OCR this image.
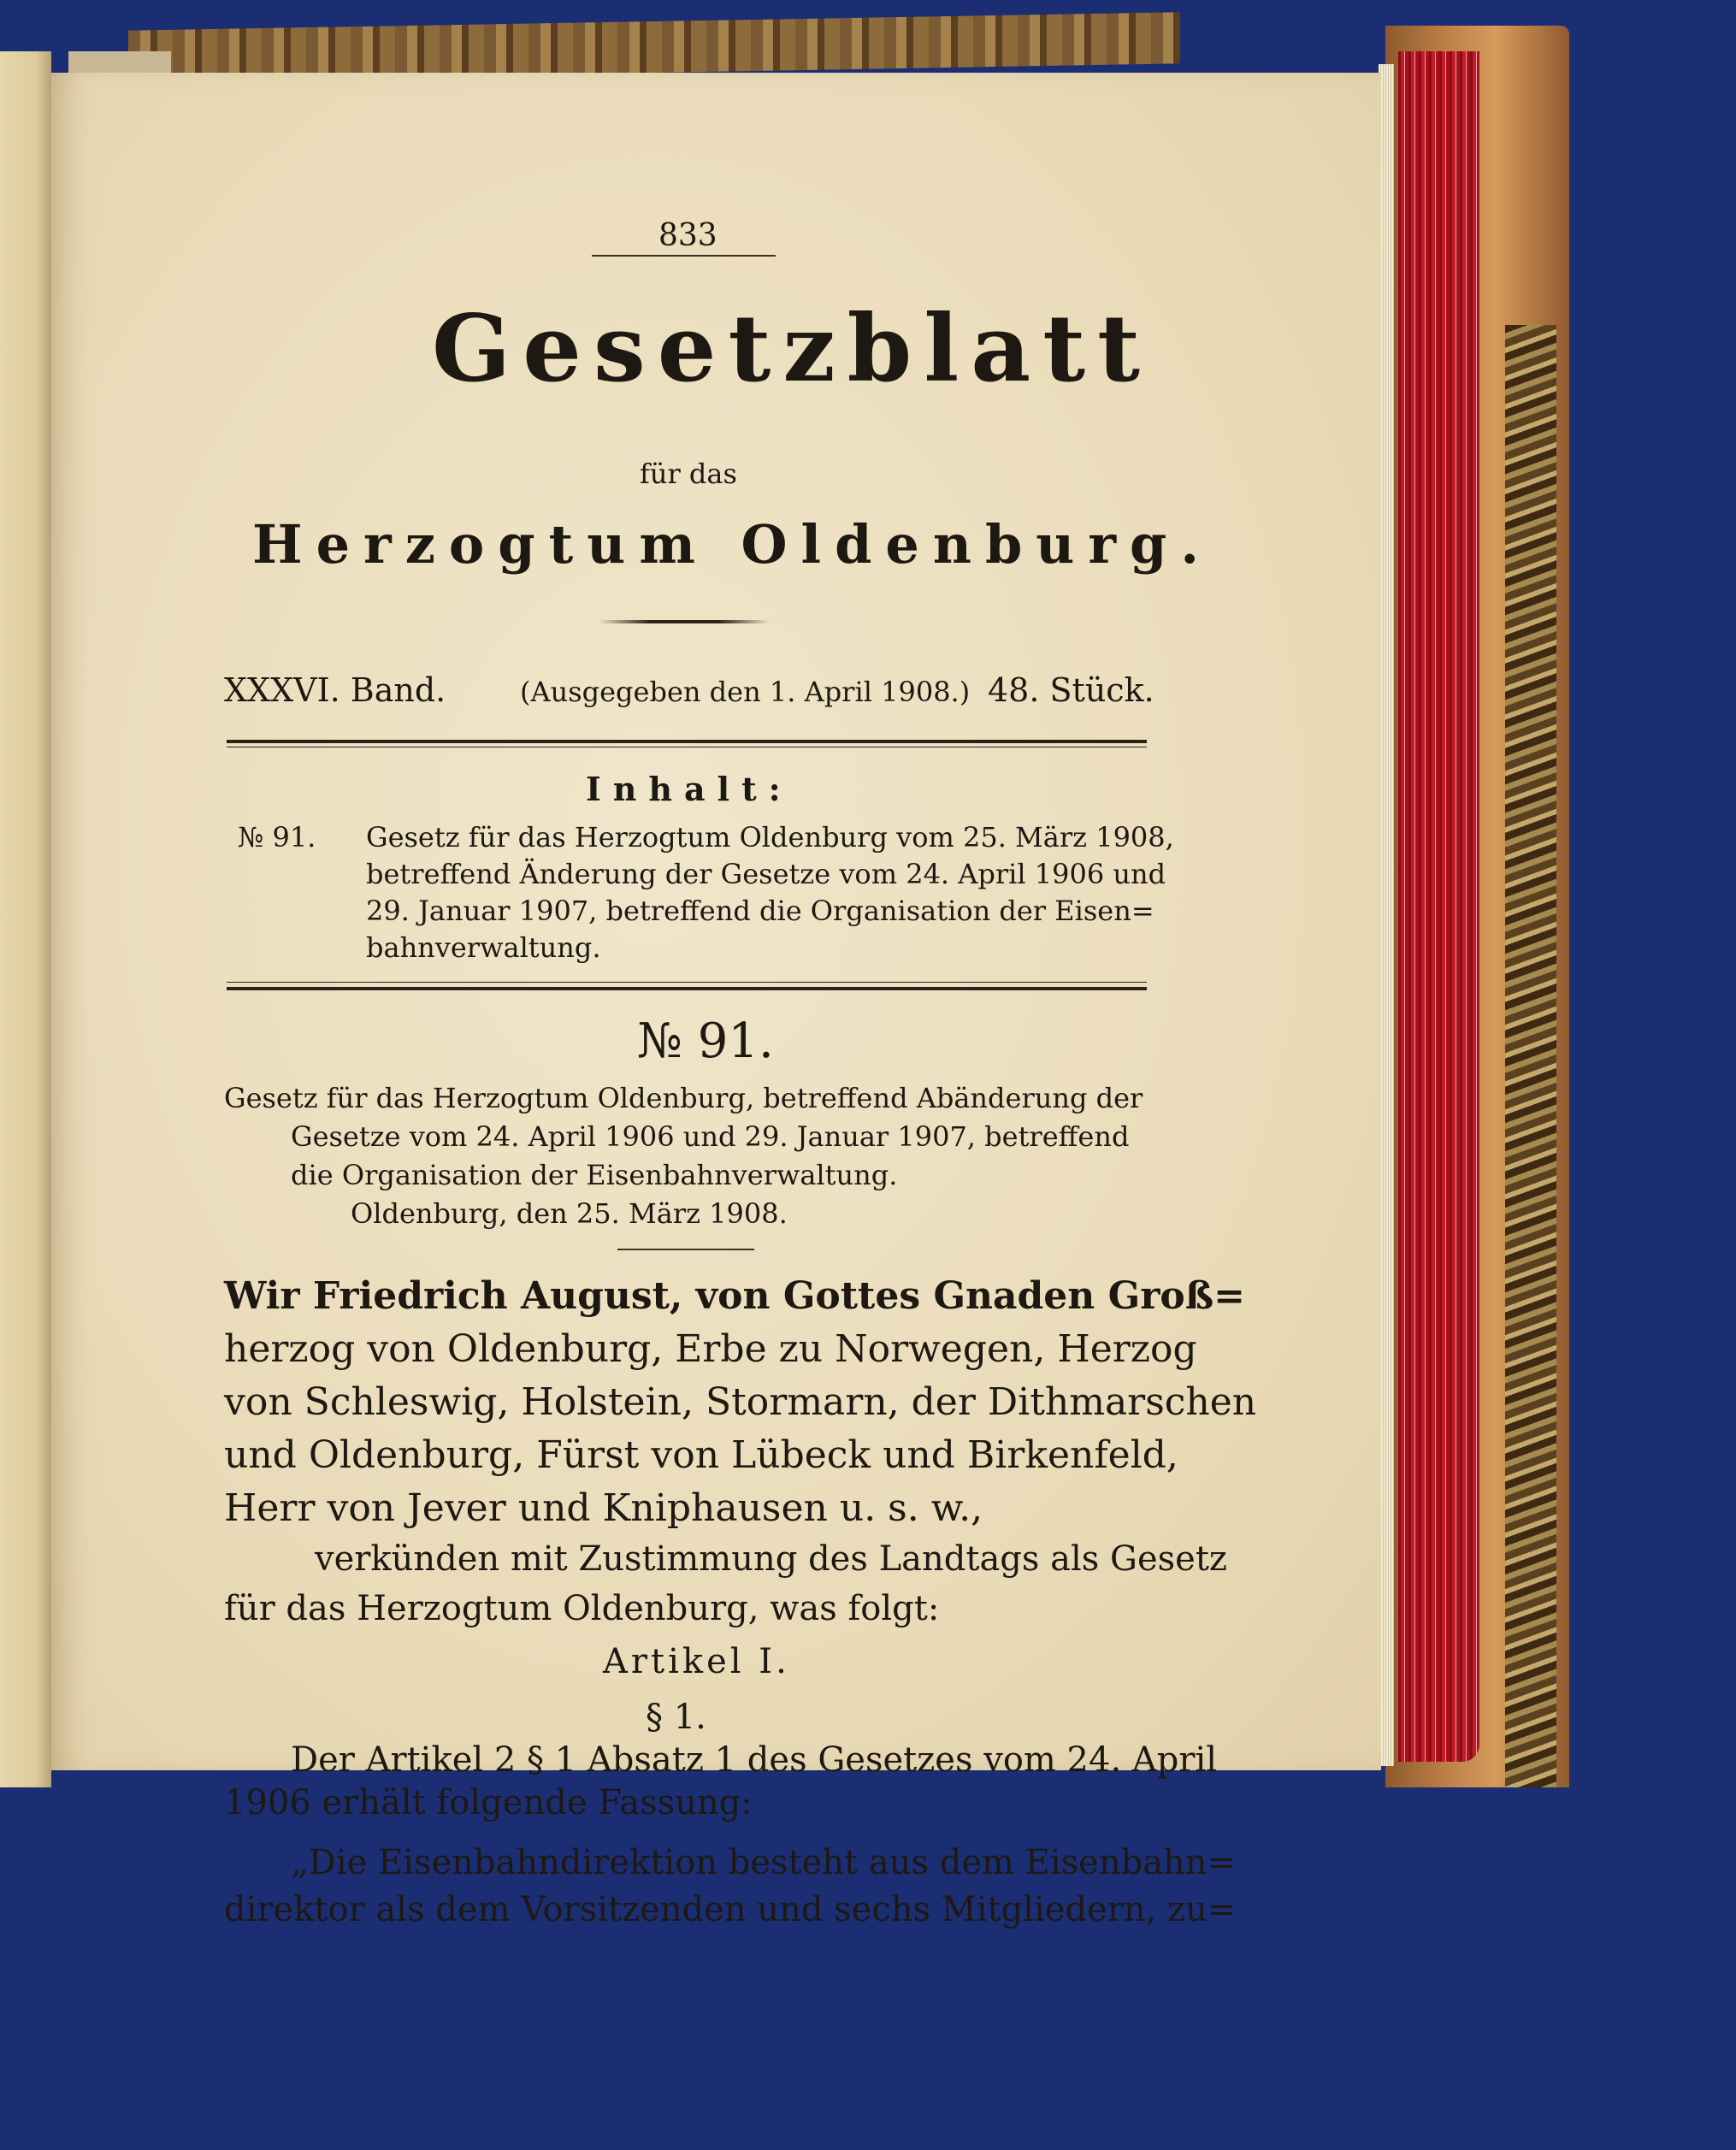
833
Gesetzblatt
für das
Herzogtum Oldenburg.
XXXVI. Band.	(Ausgegeben den 1. April 1908.) 48. Stück.
Inhalt:
№ 91. Gesetz für das Herzogtum Oldenburg vom 25. März 1908,
betreffend Änderung der Gesetze vom 24. April 1906 und
29. Januar 1907, betreffend die Organisation der Eisen=
bahnverwaltung.
№ 91.
Gesetz für das Herzogtum Oldenburg, betreffend Abänderung der
Gesetze vom 24. April 1906 und 29. Januar 1907, betreffend
die Organisation der Eisenbahnverwaltung.
Oldenburg, den 25. März 1908.
Wir Friedrich August, von Gottes Gnaden Groß=
herzog von Oldenburg, Erbe zu Norwegen, Herzog
von Schleswig, Holstein, Stormarn, der Dithmarschen
und Oldenburg, Fürst von Lübeck und Birkenfeld,
Herr von Jever und Kniphausen u. s. w.,
verkünden mit Zustimmung des Landtags als Gesetz
für das Herzogtum Oldenburg, was folgt:
Artikel I.
§ 1.
Der Artikel 2 § 1 Absatz 1 des Gesetzes vom 24. April
1906 erhält folgende Fassung:
„Die Eisenbahndirektion besteht aus dem Eisenbahn=
direktor als dem Vorsitzenden und sechs Mitgliedern, zu=
